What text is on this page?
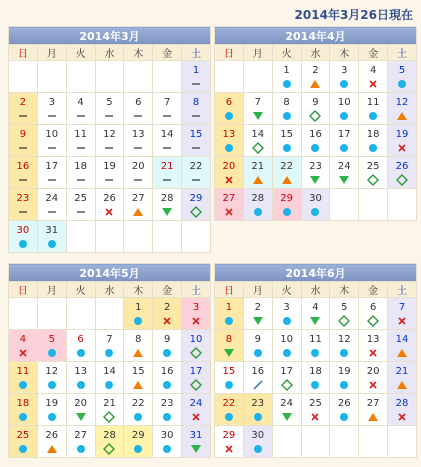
2014年3月26日現在
2014年3月						
日	月	火	水	木	金	土

						1

2	3	4	5	6	7	8

9	10	11	12	13	14	15

16	17	18	19	20	21	22

23	24	25	26	27	28	29

30	31					

2014年4月						
日	月	火	水	木	金	土

		1	2	3	4	5

6	7	8	9	10	11	12

13	14	15	16	17	18	19

20	21	22	23	24	25	26

27	28	29	30			

2014年5月						
日	月	火	水	木	金	土

				1	2	3

4	5	6	7	8	9	10

11	12	13	14	15	16	17

18	19	20	21	22	23	24

25	26	27	28	29	30	31
2014年6月						
日	月	火	水	木	金	土

1	2	3	4	5	6	7

8	9	10	11	12	13	14

15	16	17	18	19	20	21

22	23	24	25	26	27	28

29	30					
